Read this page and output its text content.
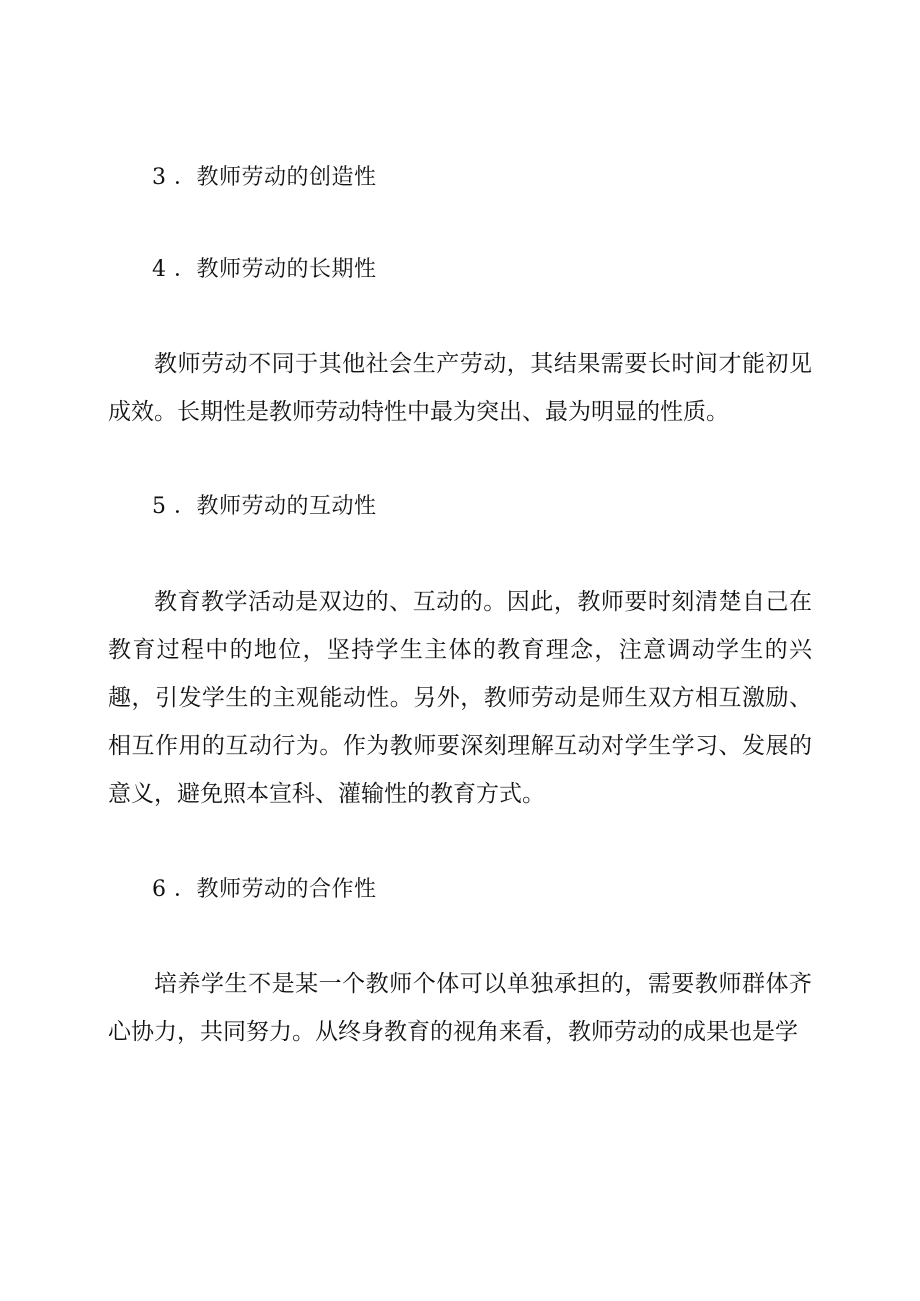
3 ．教师劳动的创造性
4 ．教师劳动的长期性
教师劳动不同于其他社会生产劳动，其结果需要长时间才能初见成效。长期性是教师劳动特性中最为突出、最为明显的性质。
5 ．教师劳动的互动性
教育教学活动是双边的、互动的。因此，教师要时刻清楚自己在教育过程中的地位，坚持学生主体的教育理念，注意调动学生的兴趣，引发学生的主观能动性。另外，教师劳动是师生双方相互激励、相互作用的互动行为。作为教师要深刻理解互动对学生学习、发展的意义，避免照本宣科、灌输性的教育方式。
6 ．教师劳动的合作性
培养学生不是某一个教师个体可以单独承担的，需要教师群体齐心协力，共同努力。从终身教育的视角来看，教师劳动的成果也是学
